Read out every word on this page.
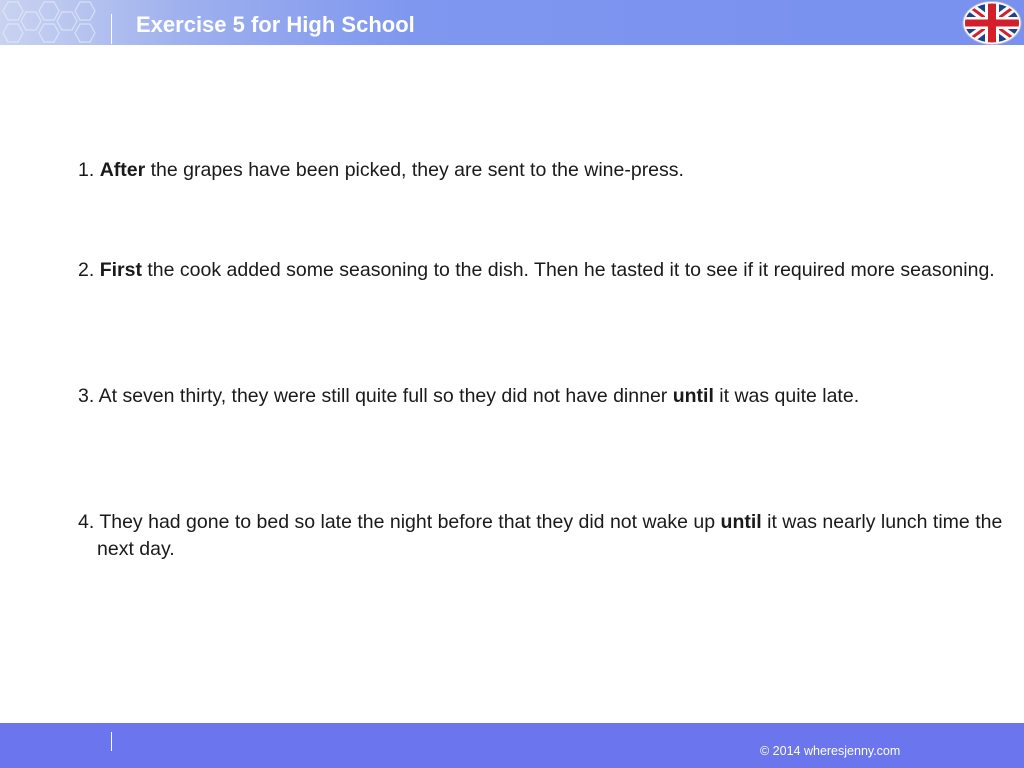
Exercise 5 for High School
1. After the grapes have been picked, they are sent to the wine-press.
2. First the cook added some seasoning to the dish. Then he tasted it to see if it required more seasoning.
3. At seven thirty, they were still quite full so they did not have dinner until it was quite late.
4. They had gone to bed so late the night before that they did not wake up until it was nearly lunch time the next day.
© 2014 wheresjenny.com
